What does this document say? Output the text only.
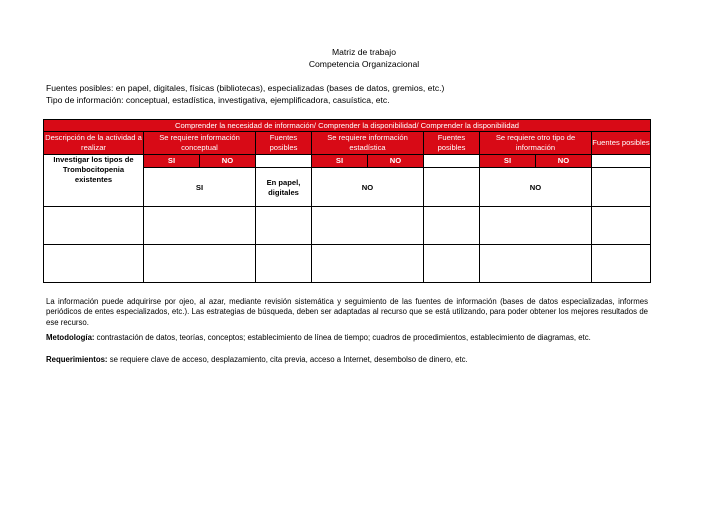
Matriz de trabajo
Competencia Organizacional
Fuentes posibles: en papel, digitales, físicas (bibliotecas), especializadas (bases de datos, gremios, etc.)
Tipo de información: conceptual, estadística, investigativa, ejemplificadora, casuística, etc.
Comprender la necesidad de información/ Comprender la disponibilidad/ Comprender la disponibilidad									
Descripción de la actividad a realizar	Se requiere información conceptual		Fuentes posibles	Se requiere información estadística		Fuentes posibles	Se requiere otro tipo de información		Fuentes posibles
Investigar los tipos de Trombocitopenia existentes	SI	NO		SI	NO		SI	NO	
	SI		En papel, digitales	NO			NO		

La información puede adquirirse por ojeo, al azar, mediante revisión sistemática y seguimiento de las fuentes de información (bases de datos especializadas, informes periódicos de entes especializados, etc.). Las estrategias de búsqueda, deben ser adaptadas al recurso que se está utilizando, para poder obtener los mejores resultados de ese recurso.
Metodología: contrastación de datos, teorías, conceptos; establecimiento de línea de tiempo; cuadros de procedimientos, establecimiento de diagramas, etc.
Requerimientos: se requiere clave de acceso, desplazamiento, cita previa, acceso a Internet, desembolso de dinero, etc.
